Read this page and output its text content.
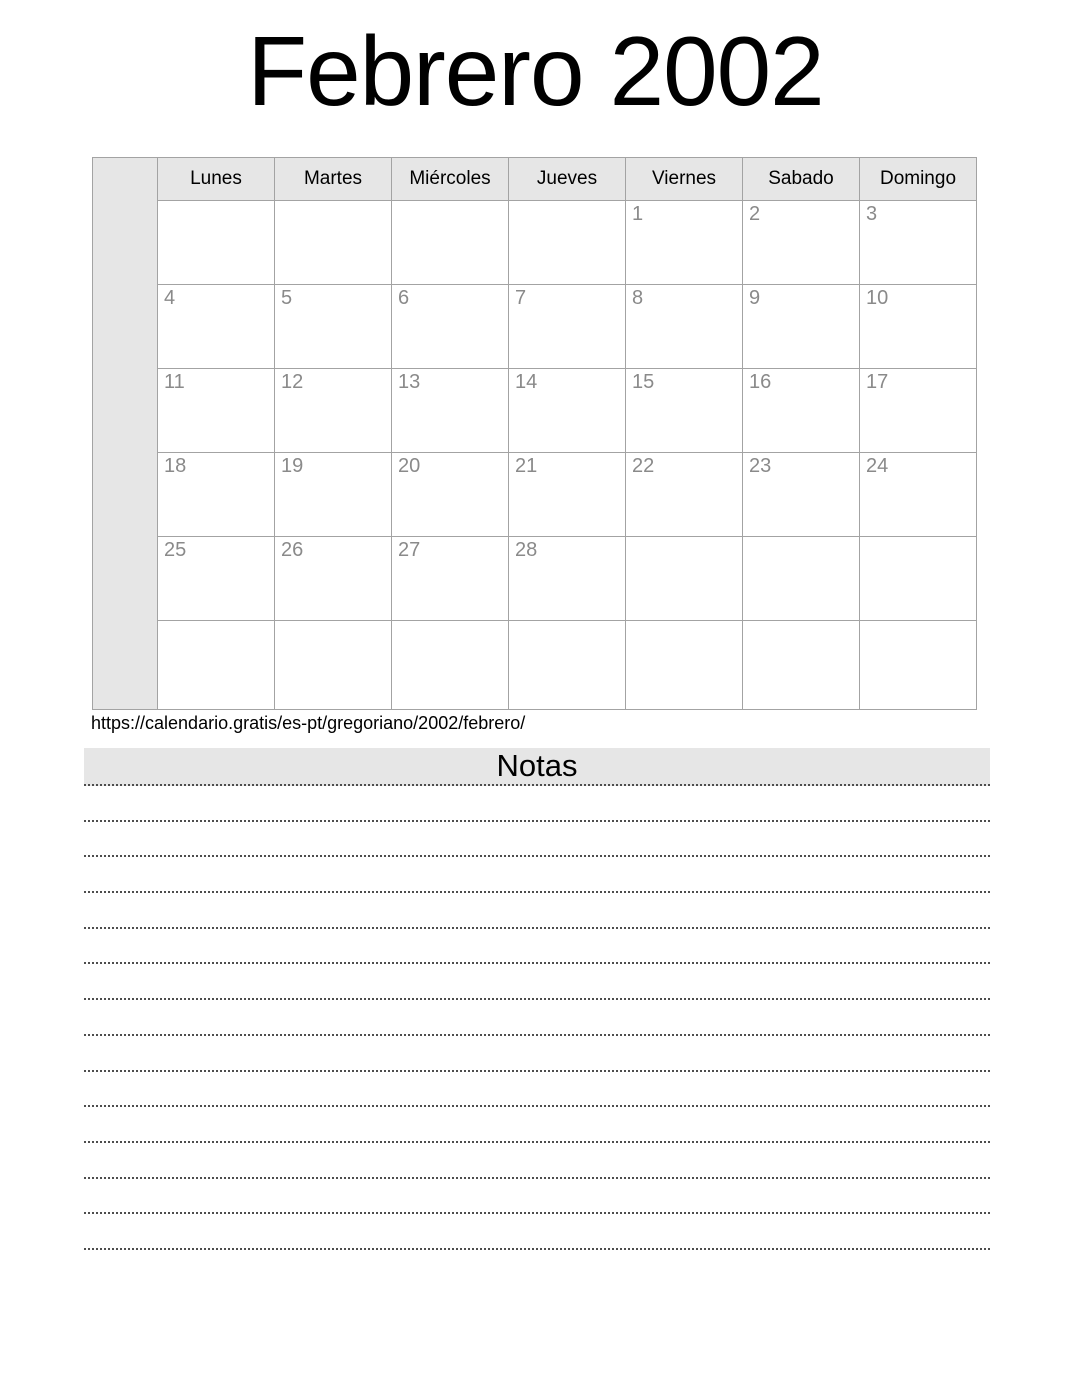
Febrero 2002
	Lunes	Martes	Miércoles	Jueves	Viernes	Sabado	Domingo
					1	2	3
	4	5	6	7	8	9	10
	11	12	13	14	15	16	17
	18	19	20	21	22	23	24
	25	26	27	28			

https://calendario.gratis/es-pt/gregoriano/2002/febrero/
Notas
